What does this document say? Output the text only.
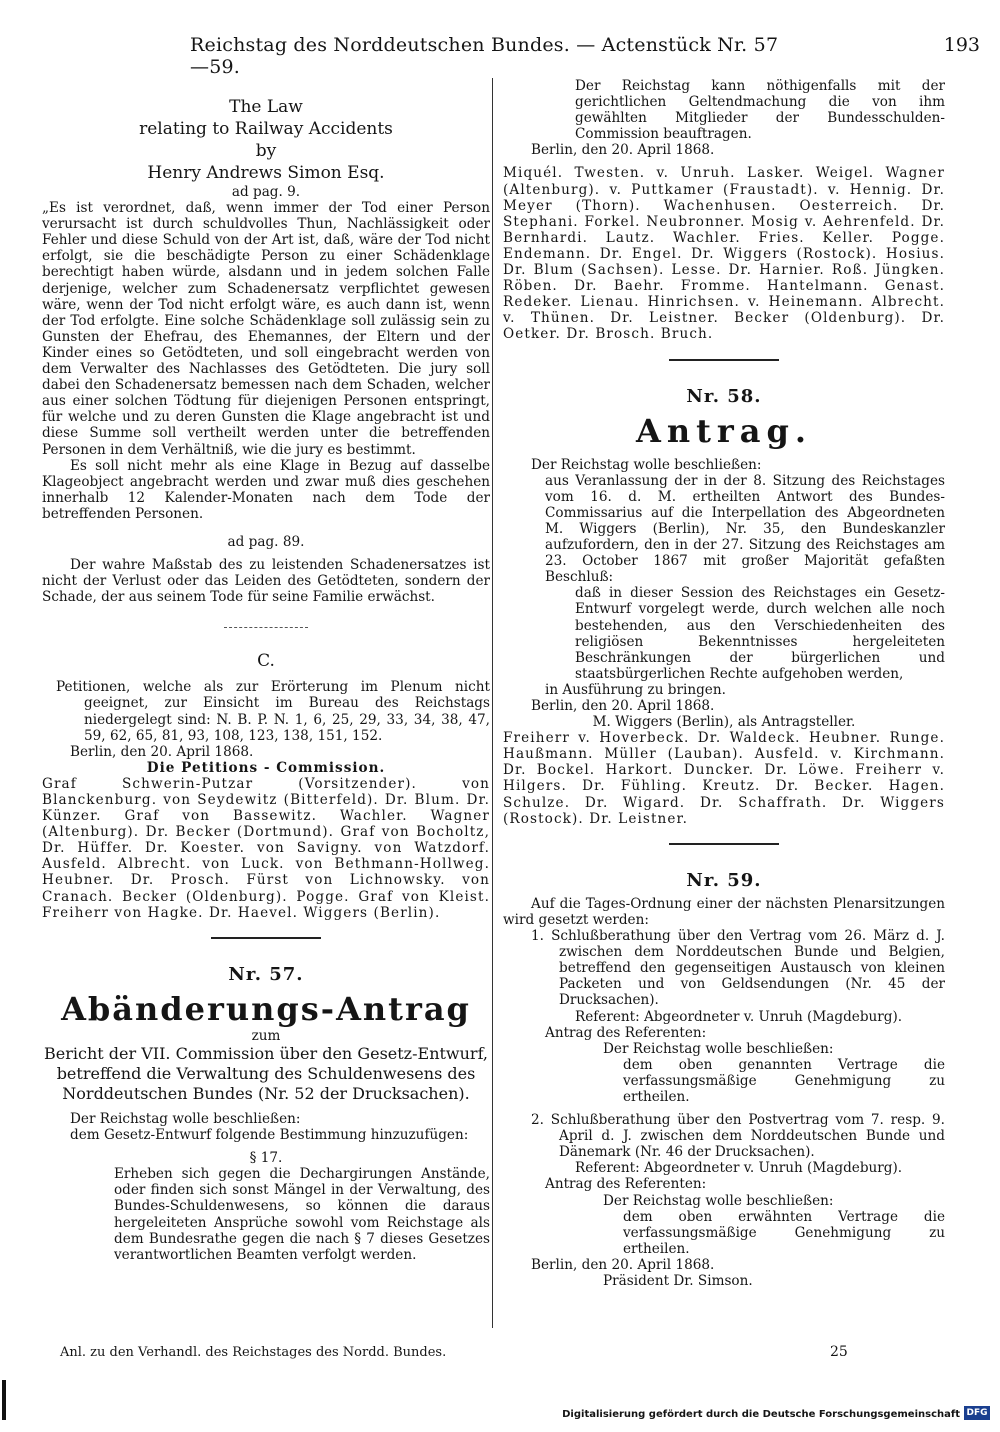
Reichstag des Norddeutschen Bundes. — Actenstück Nr. 57—59.
193

The Law

relating to Railway Accidents

by

Henry Andrews Simon Esq.

ad pag. 9.

„Es ist verordnet, daß, wenn immer der Tod einer Person verursacht ist durch schuldvolles Thun, Nachlässigkeit oder Fehler und diese Schuld von der Art ist, daß, wäre der Tod nicht erfolgt, sie die beschädigte Person zu einer Schädenklage berechtigt haben würde, alsdann und in jedem solchen Falle derjenige, welcher zum Schadenersatz verpflichtet gewesen wäre, wenn der Tod nicht erfolgt wäre, es auch dann ist, wenn der Tod erfolgte. Eine solche Schädenklage soll zulässig sein zu Gunsten der Ehefrau, des Ehemannes, der Eltern und der Kinder eines so Getödteten, und soll eingebracht werden von dem Verwalter des Nachlasses des Getödteten. Die jury soll dabei den Schadenersatz bemessen nach dem Schaden, welcher aus einer solchen Tödtung für diejenigen Personen entspringt, für welche und zu deren Gunsten die Klage angebracht ist und diese Summe soll vertheilt werden unter die betreffenden Personen in dem Verhältniß, wie die jury es bestimmt.

Es soll nicht mehr als eine Klage in Bezug auf dasselbe Klageobject angebracht werden und zwar muß dies geschehen innerhalb 12 Kalender-Monaten nach dem Tode der betreffenden Personen.

ad pag. 89.

Der wahre Maßstab des zu leistenden Schadenersatzes ist nicht der Verlust oder das Leiden des Getödteten, sondern der Schade, der aus seinem Tode für seine Familie erwächst.

C.

Petitionen, welche als zur Erörterung im Plenum nicht geeignet, zur Einsicht im Bureau des Reichstags niedergelegt sind: N. B. P. N. 1, 6, 25, 29, 33, 34, 38, 47, 59, 62, 65, 81, 93, 108, 123, 138, 151, 152.

Berlin, den 20. April 1868.

Die Petitions - Commission.

Graf Schwerin-Putzar (Vorsitzender). von Blanckenburg. von Seydewitz (Bitterfeld). Dr. Blum. Dr. Künzer. Graf von Bassewitz. Wachler. Wagner (Altenburg). Dr. Becker (Dortmund). Graf von Bocholtz, Dr. Hüffer. Dr. Koester. von Savigny. von Watzdorf. Ausfeld. Albrecht. von Luck. von Bethmann-Hollweg. Heubner. Dr. Prosch. Fürst von Lichnowsky. von Cranach. Becker (Oldenburg). Pogge. Graf von Kleist. Freiherr von Hagke. Dr. Haevel. Wiggers (Berlin).

Nr. 57.

Abänderungs-Antrag

zum

Bericht der VII. Commission über den Gesetz-Entwurf, betreffend die Verwaltung des Schuldenwesens des Norddeutschen Bundes (Nr. 52 der Drucksachen).

Der Reichstag wolle beschließen:

dem Gesetz-Entwurf folgende Bestimmung hinzuzufügen:

§ 17.

Erheben sich gegen die Dechargirungen Anstände, oder finden sich sonst Mängel in der Verwaltung, des Bundes-Schuldenwesens, so können die daraus hergeleiteten Ansprüche sowohl vom Reichstage als dem Bundesrathe gegen die nach § 7 dieses Gesetzes verantwortlichen Beamten verfolgt werden.

Der Reichstag kann nöthigenfalls mit der gerichtlichen Geltendmachung die von ihm gewählten Mitglieder der Bundesschulden-Commission beauftragen.

Berlin, den 20. April 1868.

Miquél. Twesten. v. Unruh. Lasker. Weigel. Wagner (Altenburg). v. Puttkamer (Fraustadt). v. Hennig. Dr. Meyer (Thorn). Wachenhusen. Oesterreich. Dr. Stephani. Forkel. Neubronner. Mosig v. Aehrenfeld. Dr. Bernhardi. Lautz. Wachler. Fries. Keller. Pogge. Endemann. Dr. Engel. Dr. Wiggers (Rostock). Hosius. Dr. Blum (Sachsen). Lesse. Dr. Harnier. Roß. Jüngken. Röben. Dr. Baehr. Fromme. Hantelmann. Genast. Redeker. Lienau. Hinrichsen. v. Heinemann. Albrecht. v. Thünen. Dr. Leistner. Becker (Oldenburg). Dr. Oetker. Dr. Brosch. Bruch.

Nr. 58.

Antrag.

Der Reichstag wolle beschließen:

aus Veranlassung der in der 8. Sitzung des Reichstages vom 16. d. M. ertheilten Antwort des Bundes-Commissarius auf die Interpellation des Abgeordneten M. Wiggers (Berlin), Nr. 35, den Bundeskanzler aufzufordern, den in der 27. Sitzung des Reichstages am 23. October 1867 mit großer Majorität gefaßten Beschluß:

daß in dieser Session des Reichstages ein Gesetz-Entwurf vorgelegt werde, durch welchen alle noch bestehenden, aus den Verschiedenheiten des religiösen Bekenntnisses hergeleiteten Beschränkungen der bürgerlichen und staatsbürgerlichen Rechte aufgehoben werden,

in Ausführung zu bringen.

Berlin, den 20. April 1868.

M. Wiggers (Berlin), als Antragsteller.

Freiherr v. Hoverbeck. Dr. Waldeck. Heubner. Runge. Haußmann. Müller (Lauban). Ausfeld. v. Kirchmann. Dr. Bockel. Harkort. Duncker. Dr. Löwe. Freiherr v. Hilgers. Dr. Fühling. Kreutz. Dr. Becker. Hagen. Schulze. Dr. Wigard. Dr. Schaffrath. Dr. Wiggers (Rostock). Dr. Leistner.

Nr. 59.

Auf die Tages-Ordnung einer der nächsten Plenarsitzungen wird gesetzt werden:

1. Schlußberathung über den Vertrag vom 26. März d. J. zwischen dem Norddeutschen Bunde und Belgien, betreffend den gegenseitigen Austausch von kleinen Packeten und von Geldsendungen (Nr. 45 der Drucksachen).

Referent: Abgeordneter v. Unruh (Magdeburg).

Antrag des Referenten:

Der Reichstag wolle beschließen:

dem oben genannten Vertrage die verfassungsmäßige Genehmigung zu ertheilen.

2. Schlußberathung über den Postvertrag vom 7. resp. 9. April d. J. zwischen dem Norddeutschen Bunde und Dänemark (Nr. 46 der Drucksachen).

Referent: Abgeordneter v. Unruh (Magdeburg).

Antrag des Referenten:

Der Reichstag wolle beschließen:

dem oben erwähnten Vertrage die verfassungsmäßige Genehmigung zu ertheilen.

Berlin, den 20. April 1868.

Präsident Dr. Simson.

Anl. zu den Verhandl. des Reichstages des Nordd. Bundes.	25
Digitalisierung gefördert durch die Deutsche Forschungsgemeinschaft DFG
